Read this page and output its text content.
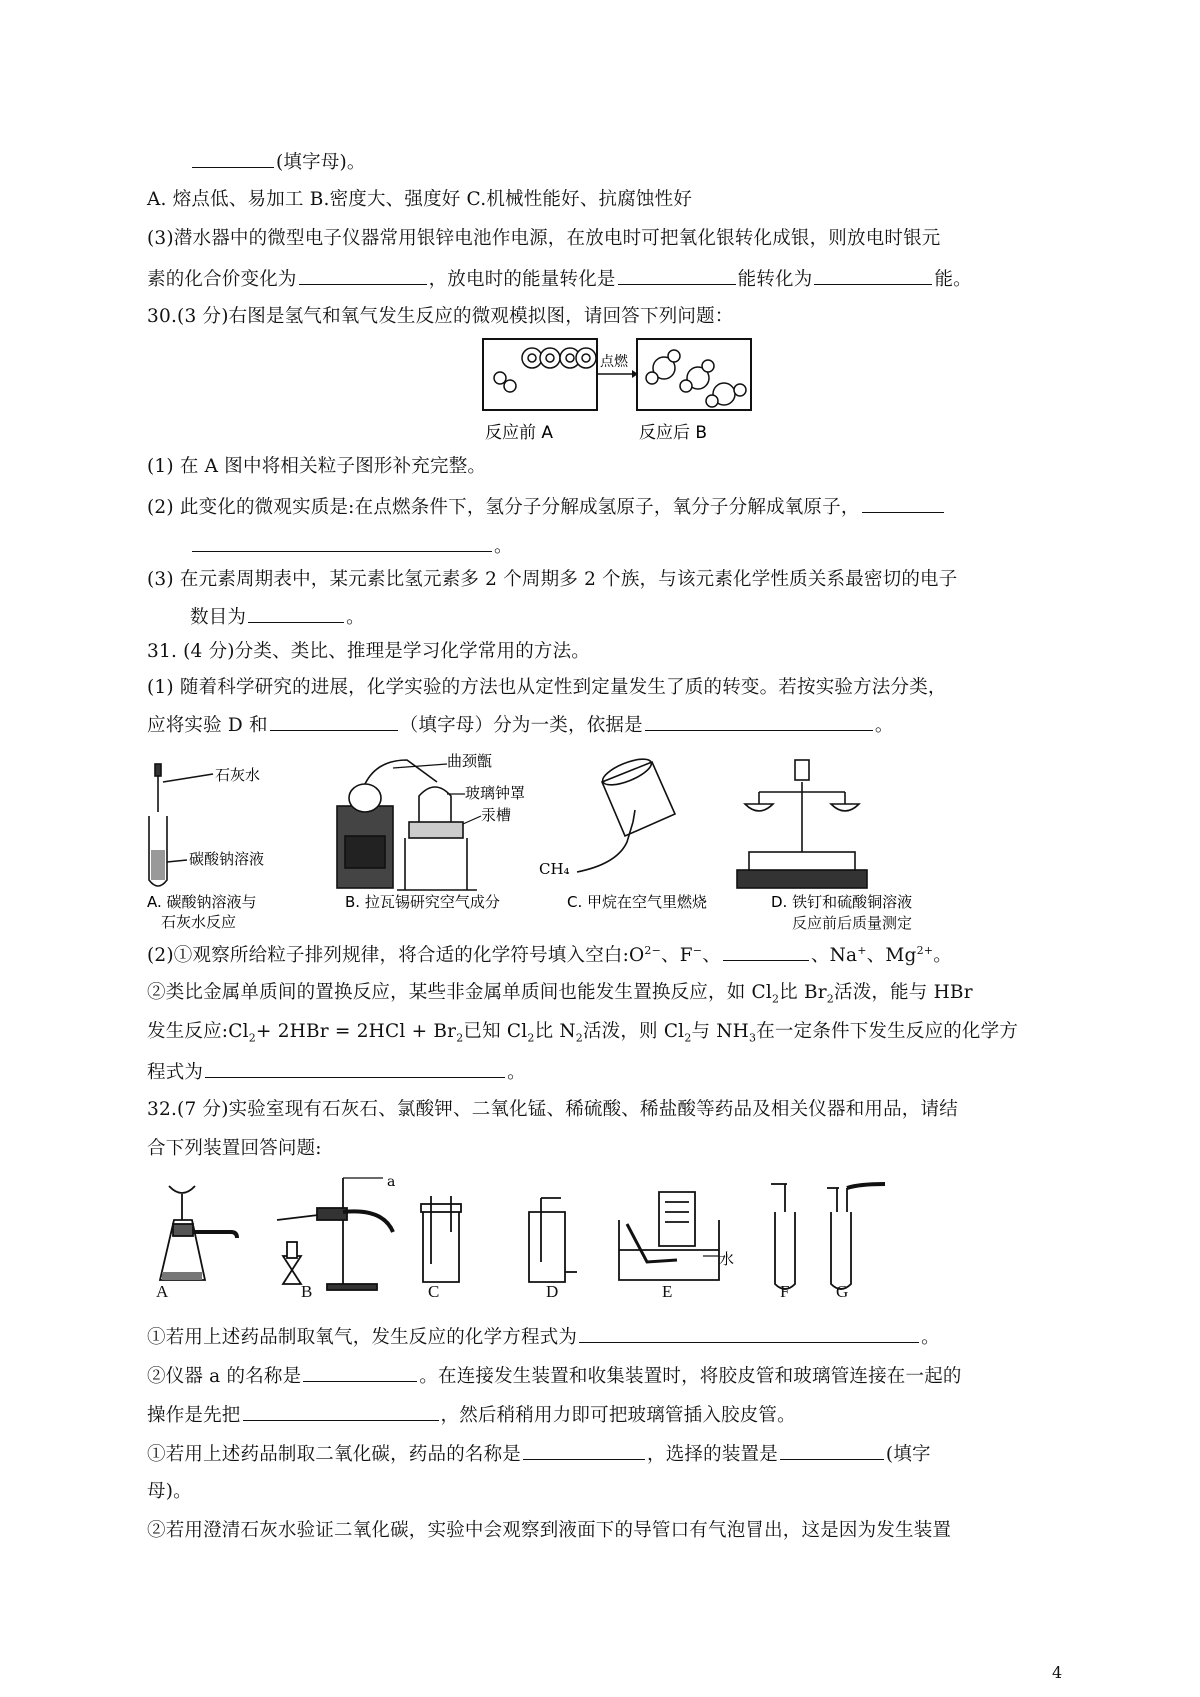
(填字母)。
A. 熔点低、易加工 B.密度大、强度好 C.机械性能好、抗腐蚀性好
(3)潜水器中的微型电子仪器常用银锌电池作电源，在放电时可把氧化银转化成银，则放电时银元
素的化合价变化为	，放电时的能量转化是	能转化为	能。
30.(3 分)右图是氢气和氧气发生反应的微观模拟图，请回答下列问题：
点燃
反应前 A	反应后 B
(1) 在 A 图中将相关粒子图形补充完整。
(2) 此变化的微观实质是:在点燃条件下，氢分子分解成氢原子，氧分子分解成氧原子，
。
(3) 在元素周期表中，某元素比氢元素多 2 个周期多 2 个族，与该元素化学性质关系最密切的电子
数目为	。
31. (4 分)分类、类比、推理是学习化学常用的方法。
(1) 随着科学研究的进展，化学实验的方法也从定性到定量发生了质的转变。若按实验方法分类，
应将实验 D 和	（填字母）分为一类，依据是	。
石灰水
碳酸钠溶液
曲颈甑
玻璃钟罩
汞槽
CH₄
A. 碳酸钠溶液与
石灰水反应
B. 拉瓦锡研究空气成分	C. 甲烷在空气里燃烧	D. 铁钉和硫酸铜溶液
反应前后质量测定
(2)①观察所给粒子排列规律，将合适的化学符号填入空白$:O^{2-}$、F−、	、Na+、$Mg^{2+}$。
②类比金属单质间的置换反应，某些非金属单质间也能发生置换反应，如 $Cl_2$比 $Br_2$活泼，能与 HBr
发生反应$:Cl_2+ 2HBr = 2HCl + Br_2$已知 $Cl_2$比 $N_2$活泼，则 $Cl_2$与 $NH_3$在一定条件下发生反应的化学方
程式为	。
32.(7 分)实验室现有石灰石、氯酸钾、二氧化锰、稀硫酸、稀盐酸等药品及相关仪器和用品，请结
合下列装置回答问题:
a
水
A	B	C	D	E	F	G
①若用上述药品制取氧气，发生反应的化学方程式为	。
②仪器 a 的名称是	。在连接发生装置和收集装置时，将胶皮管和玻璃管连接在一起的
操作是先把	，然后稍稍用力即可把玻璃管插入胶皮管。
①若用上述药品制取二氧化碳，药品的名称是	，选择的装置是	(填字
母)。
②若用澄清石灰水验证二氧化碳，实验中会观察到液面下的导管口有气泡冒出，这是因为发生装置
4
